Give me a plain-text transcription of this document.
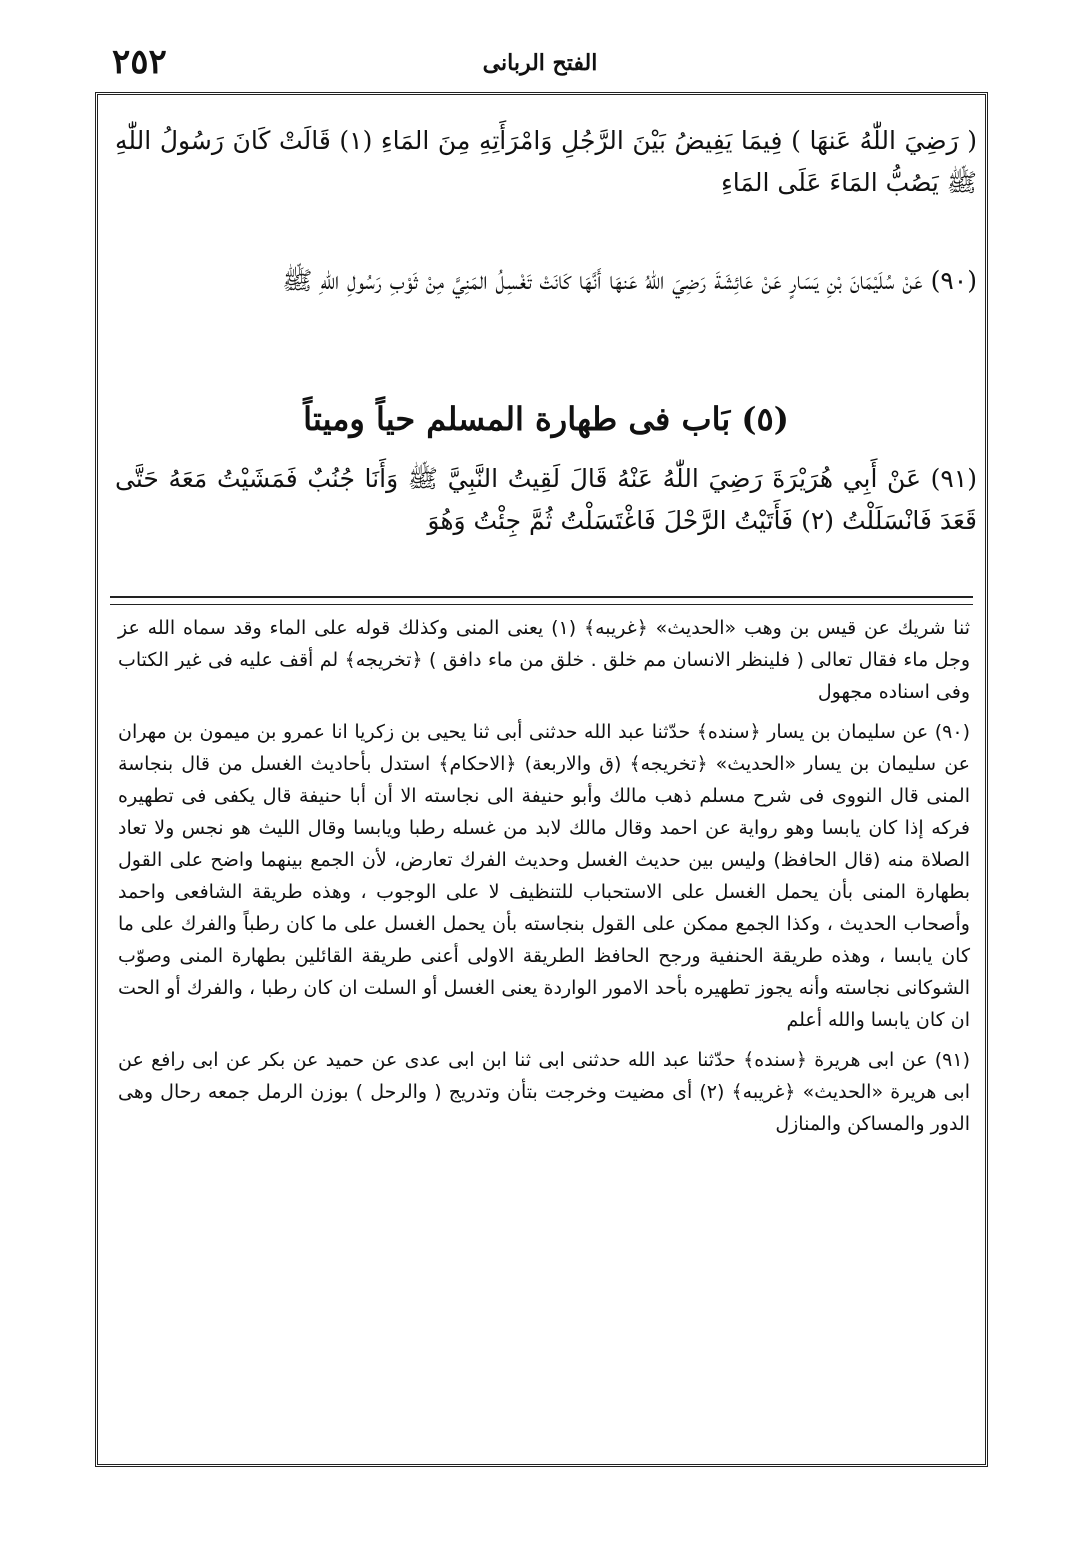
٢٥٢	الفتح الربانى

( رَضِيَ اللّٰهُ عَنهَا ) فِيمَا يَفِيضُ بَيْنَ الرَّجُلِ وَامْرَأَتِهِ مِنَ المَاءِ (١) قَالَتْ كَانَ رَسُولُ اللّٰهِ ﷺ يَصُبُّ المَاءَ عَلَى المَاءِ

(٩٠) عَنْ سُلَيْمَانَ بْنِ يَسَارٍ عَنْ عَائِشَةَ رَضِيَ اللّٰهُ عَنهَا أَنَّهَا كَانَتْ تَغْسِلُ المَنِيَّ مِنْ ثَوْبِ رَسُولِ اللّٰهِ ﷺ

(٥) بَاب فى طهارة المسلم حياً وميتاً

(٩١) عَنْ أَبِي هُرَيْرَةَ رَضِيَ اللّٰهُ عَنْهُ قَالَ لَقِيتُ النَّبِيَّ ﷺ وَأَنَا جُنُبٌ فَمَشَيْتُ مَعَهُ حَتَّى قَعَدَ فَانْسَلَلْتُ (٢) فَأَتَيْتُ الرَّحْلَ فَاغْتَسَلْتُ ثُمَّ جِئْتُ وَهُوَ

ثنا شريك عن قيس بن وهب «الحديث» ﴿غريبه﴾ (١) يعنى المنى وكذلك قوله على الماء وقد سماه الله عز وجل ماء فقال تعالى ( فلينظر الانسان مم خلق . خلق من ماء دافق ) ﴿تخريجه﴾ لم أقف عليه فى غير الكتاب وفى اسناده مجهول

(٩٠) عن سليمان بن يسار ﴿سنده﴾ حدّثنا عبد الله حدثنى أبى ثنا يحيى بن زكريا انا عمرو بن ميمون بن مهران عن سليمان بن يسار «الحديث» ﴿تخريجه﴾ (ق والاربعة) ﴿الاحكام﴾ استدل بأحاديث الغسل من قال بنجاسة المنى قال النووى فى شرح مسلم ذهب مالك وأبو حنيفة الى نجاسته الا أن أبا حنيفة قال يكفى فى تطهيره فركه إذا كان يابسا وهو رواية عن احمد وقال مالك لابد من غسله رطبا ويابسا وقال الليث هو نجس ولا تعاد الصلاة منه (قال الحافظ) وليس بين حديث الغسل وحديث الفرك تعارض، لأن الجمع بينهما واضح على القول بطهارة المنى بأن يحمل الغسل على الاستحباب للتنظيف لا على الوجوب ، وهذه طريقة الشافعى واحمد وأصحاب الحديث ، وكذا الجمع ممكن على القول بنجاسته بأن يحمل الغسل على ما كان رطباً والفرك على ما كان يابسا ، وهذه طريقة الحنفية ورجح الحافظ الطريقة الاولى أعنى طريقة القائلين بطهارة المنى وصوّب الشوكانى نجاسته وأنه يجوز تطهيره بأحد الامور الواردة يعنى الغسل أو السلت ان كان رطبا ، والفرك أو الحت ان كان يابسا والله أعلم

(٩١) عن ابى هريرة ﴿سنده﴾ حدّثنا عبد الله حدثنى ابى ثنا ابن ابى عدى عن حميد عن بكر عن ابى رافع عن ابى هريرة «الحديث» ﴿غريبه﴾ (٢) أى مضيت وخرجت بتأن وتدريج ( والرحل ) بوزن الرمل جمعه رحال وهى الدور والمساكن والمنازل
